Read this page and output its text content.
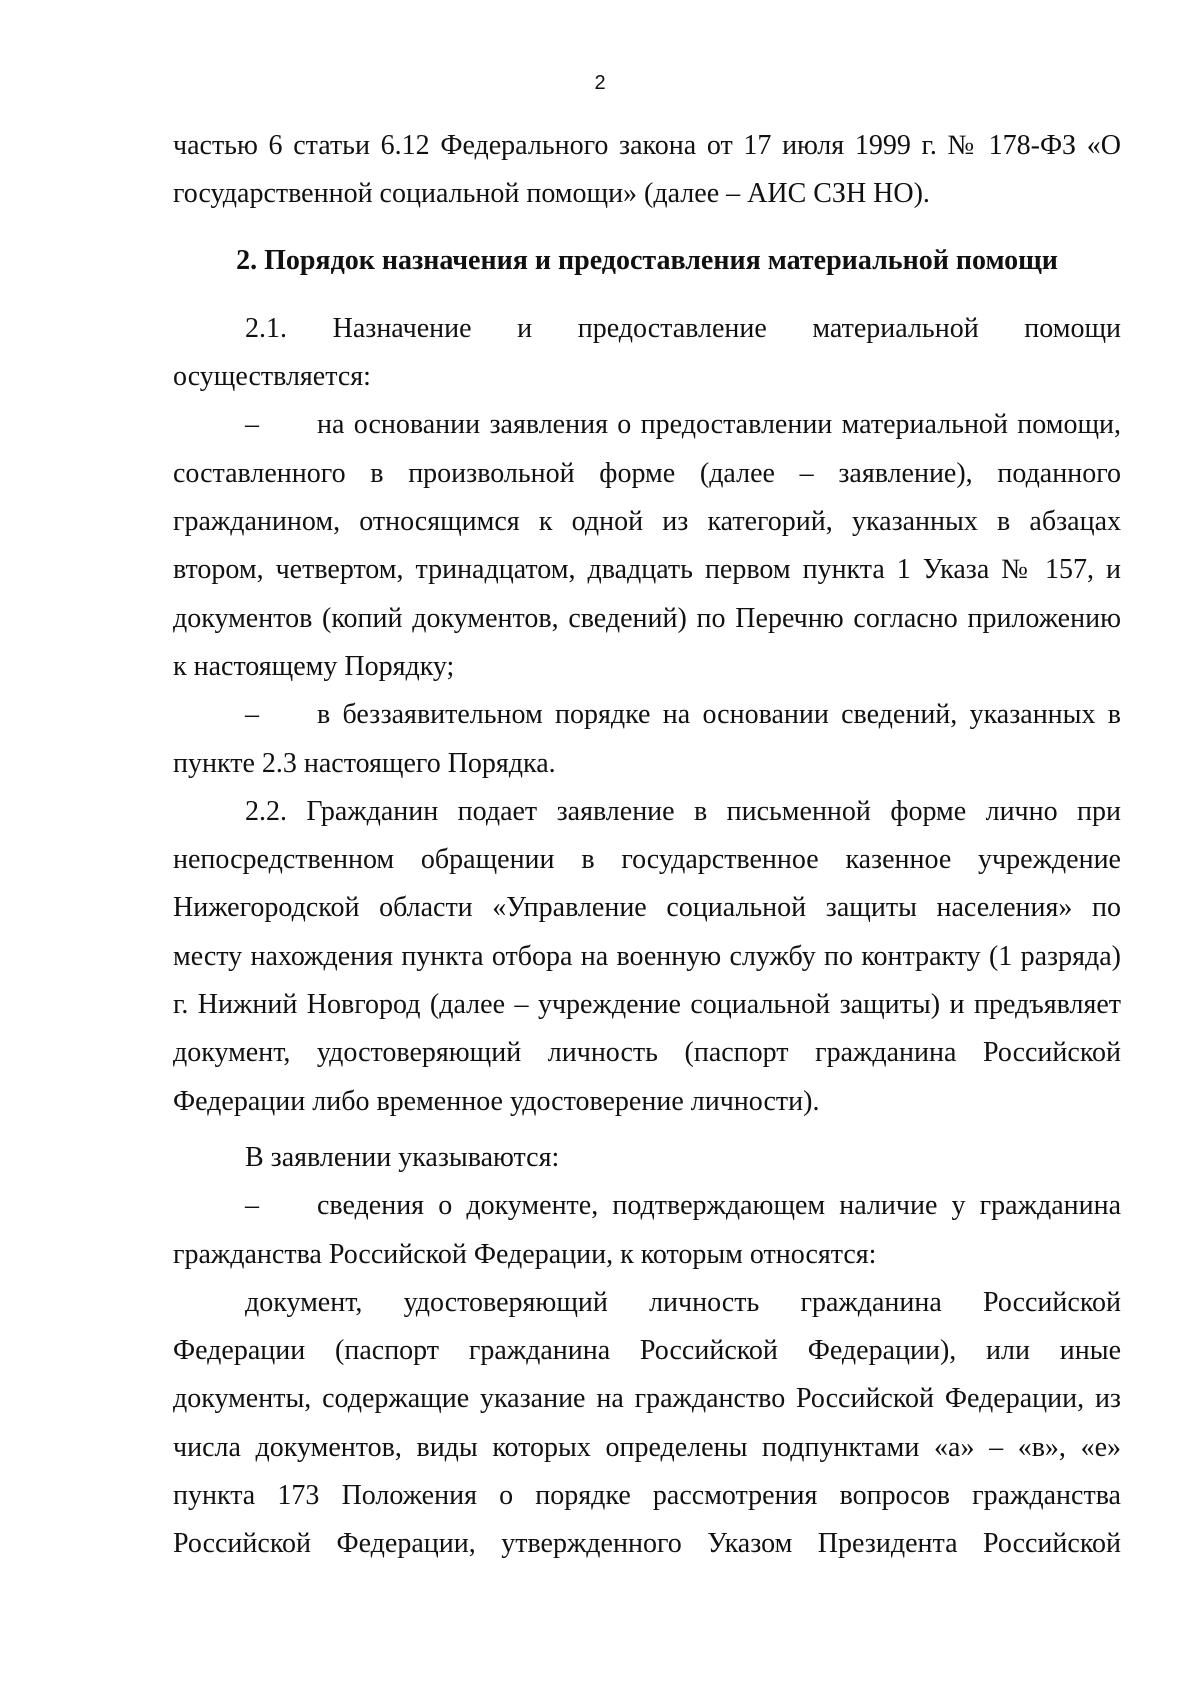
2

частью 6 статьи 6.12 Федерального закона от 17 июля 1999 г. № 178-ФЗ «О государственной социальной помощи» (далее – АИС СЗН НО).

2. Порядок назначения и предоставления материальной помощи

2.1. Назначение и предоставление материальной помощи осуществляется:

– на основании заявления о предоставлении материальной помощи, составленного в произвольной форме (далее – заявление), поданного гражданином, относящимся к одной из категорий, указанных в абзацах втором, четвертом, тринадцатом, двадцать первом пункта 1 Указа № 157, и документов (копий документов, сведений) по Перечню согласно приложению к настоящему Порядку;

– в беззаявительном порядке на основании сведений, указанных в пункте 2.3 настоящего Порядка.

2.2. Гражданин подает заявление в письменной форме лично при непосредственном обращении в государственное казенное учреждение Нижегородской области «Управление социальной защиты населения» по месту нахождения пункта отбора на военную службу по контракту (1 разряда) г. Нижний Новгород (далее – учреждение социальной защиты) и предъявляет документ, удостоверяющий личность (паспорт гражданина Российской Федерации либо временное удостоверение личности).

В заявлении указываются:

– сведения о документе, подтверждающем наличие у гражданина гражданства Российской Федерации, к которым относятся:

документ, удостоверяющий личность гражданина Российской Федерации (паспорт гражданина Российской Федерации), или иные документы, содержащие указание на гражданство Российской Федерации, из числа документов, виды которых определены подпунктами «а» – «в», «е» пункта 173 Положения о порядке рассмотрения вопросов гражданства Российской Федерации, утвержденного Указом Президента Российской
